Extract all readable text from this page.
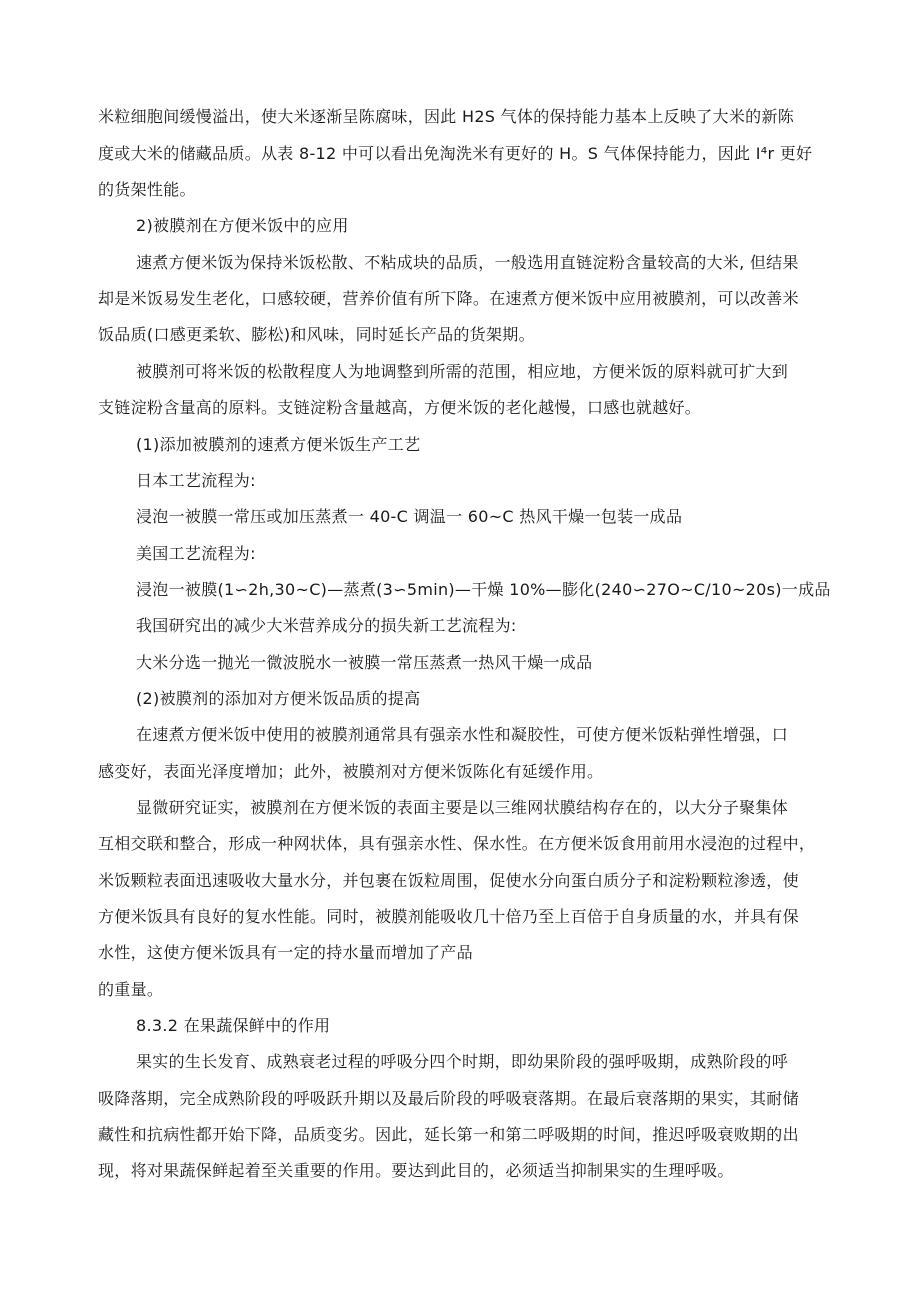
米粒细胞间缓慢溢出，使大米逐渐呈陈腐味，因此 H2S 气体的保持能力基本上反映了大米的新陈
度或大米的储藏品质。从表 8-12 中可以看出免淘洗米有更好的 H。S 气体保持能力，因此 I⁴r 更好
的货架性能。
2)被膜剂在方便米饭中的应用
速煮方便米饭为保持米饭松散、不粘成块的品质，一般选用直链淀粉含量较高的大米, 但结果
却是米饭易发生老化，口感较硬，营养价值有所下降。在速煮方便米饭中应用被膜剂，可以改善米
饭品质(口感更柔软、膨松)和风味，同时延长产品的货架期。
被膜剂可将米饭的松散程度人为地调整到所需的范围，相应地，方便米饭的原料就可扩大到
支链淀粉含量高的原料。支链淀粉含量越高，方便米饭的老化越慢，口感也就越好。
(1)添加被膜剂的速煮方便米饭生产工艺
日本工艺流程为:
浸泡一被膜一常压或加压蒸煮一 40-C 调温一 60~C 热风干燥一包装一成品
美国工艺流程为:
浸泡一被膜(1∽2h,30~C)—蒸煮(3∽5min)—干燥 10%—膨化(240∽27O~C/10~20s)一成品
我国研究出的减少大米营养成分的损失新工艺流程为:
大米分选一抛光一微波脱水一被膜一常压蒸煮一热风干燥一成品
(2)被膜剂的添加对方便米饭品质的提高
在速煮方便米饭中使用的被膜剂通常具有强亲水性和凝胶性，可使方便米饭粘弹性增强，口
感变好，表面光泽度增加；此外，被膜剂对方便米饭陈化有延缓作用。
显微研究证实，被膜剂在方便米饭的表面主要是以三维网状膜结构存在的，以大分子聚集体
互相交联和整合，形成一种网状体，具有强亲水性、保水性。在方便米饭食用前用水浸泡的过程中，
米饭颗粒表面迅速吸收大量水分，并包裹在饭粒周围，促使水分向蛋白质分子和淀粉颗粒渗透，使
方便米饭具有良好的复水性能。同时，被膜剂能吸收几十倍乃至上百倍于自身质量的水，并具有保
水性，这使方便米饭具有一定的持水量而增加了产品
的重量。
8.3.2 在果蔬保鲜中的作用
果实的生长发育、成熟衰老过程的呼吸分四个时期，即幼果阶段的强呼吸期，成熟阶段的呼
吸降落期，完全成熟阶段的呼吸跃升期以及最后阶段的呼吸衰落期。在最后衰落期的果实，其耐储
藏性和抗病性都开始下降，品质变劣。因此，延长第一和第二呼吸期的时间，推迟呼吸衰败期的出
现，将对果蔬保鲜起着至关重要的作用。要达到此目的，必须适当抑制果实的生理呼吸。
